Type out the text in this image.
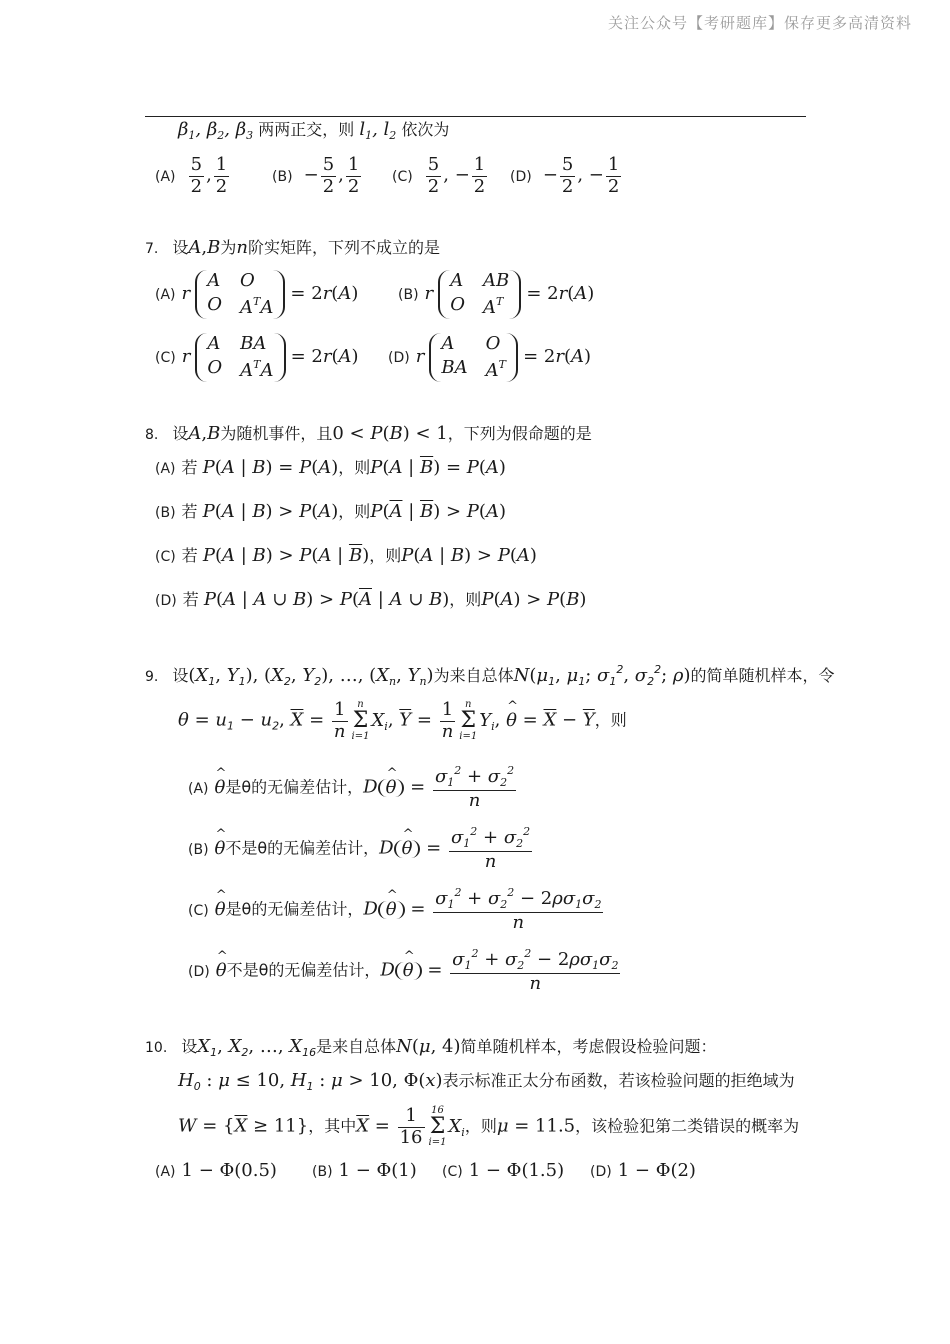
关注公众号【考研题库】保存更多高清资料
$\beta_1$, $\beta_2$, $\beta_3$ 两两正交，则 $l_1$, $l_2$ 依次为
$(A) \frac{5}{2}$ , $\frac{1}{2}$	$(B) - \frac{5}{2}$ , $\frac{1}{2} (C) \frac{5}{2}$ , − $\frac{1}{2} (D) - \frac{5}{2}$ , − $\frac{1}{2}$
7. 设A,B为n阶实矩阵，下列不成立的是
(A) r
A O
O $A^TA$
= 2r(A)	(B) r
A AB
O $A^T$	= 2r(A)
(C) r
A BA
O $A^TA$
= 2r(A) (D) r
A	O
BA $A^T = 2r(A)$
8. 设A,B为随机事件，且0 < P(B) < 1，下列为假命题的是
(A) 若 P(A | B) = P(A)，则P(A | $\overline{B}) = P(A)$
(B) 若 P(A | B) > P(A)，则$P(\overline{A}$ | $\overline{B}) > P(A)$
(C) 若 P(A | B) > P(A | $\overline{B}$)，则P(A | B) > P(A)
(D) 若 P(A | A ∪ $B) > P(\overline{A}$ | A ∪ B)，则P(A) > P(B)
9. 设($X_1$, $Y_1$), ($X_2$, $Y_2$), …, ($X_n$, $Y_n$)为来自总体$N(\mu_1$, $\mu_1$; $\sigma_1^2$, $\sigma_2^2$; ρ)的简单随机样本，令
$\theta = u_1 - u_2$, $\overline{X} = \frac{1}{n}$ n
Σ
$i=1X_i$, $\overline{Y} = \frac{1}{n}$ n
Σ
$i=1Y_i$, ^ $\theta = \overline{X} - \overline{Y}$，则
(A) ^ θ是θ的无偏差估计，D ^ $\theta = \frac{\sigma_1^2 + \sigma_2^2}{n}$
(B) ^ θ不是θ的无偏差估计，D ^ $\theta = \frac{\sigma_1^2 + \sigma_2^2}{n}$
(C) ^ θ是θ的无偏差估计，D ^ $\theta = \frac{\sigma_1^2 + \sigma_2^2 - 2\rho\sigma_1\sigma_2}{n}$
(D) ^ θ不是θ的无偏差估计，D ^ $\theta = \frac{\sigma_1^2 + \sigma_2^2 - 2\rho\sigma_1\sigma_2}{n}$
10. 设$X_1$, $X_2$, …, $X_{16}$是来自总体N(μ, 4)简单随机样本，考虑假设检验问题：
$H_0$ : μ ≤ 10, $H_1$ : μ > 10, Φ(x)表示标准正太分布函数，若该检验问题的拒绝域为
$W = \{\overline{X} \ge 11\}$，其中$\overline{X} = \frac{1}{16} 16$
Σ
$i=1X_i$，则μ = 11.5，该检验犯第二类错误的概率为
(A) 1 − Φ(0.5)	(B) 1 − Φ(1) (C) 1 − Φ(1.5) (D) 1 − Φ(2)
